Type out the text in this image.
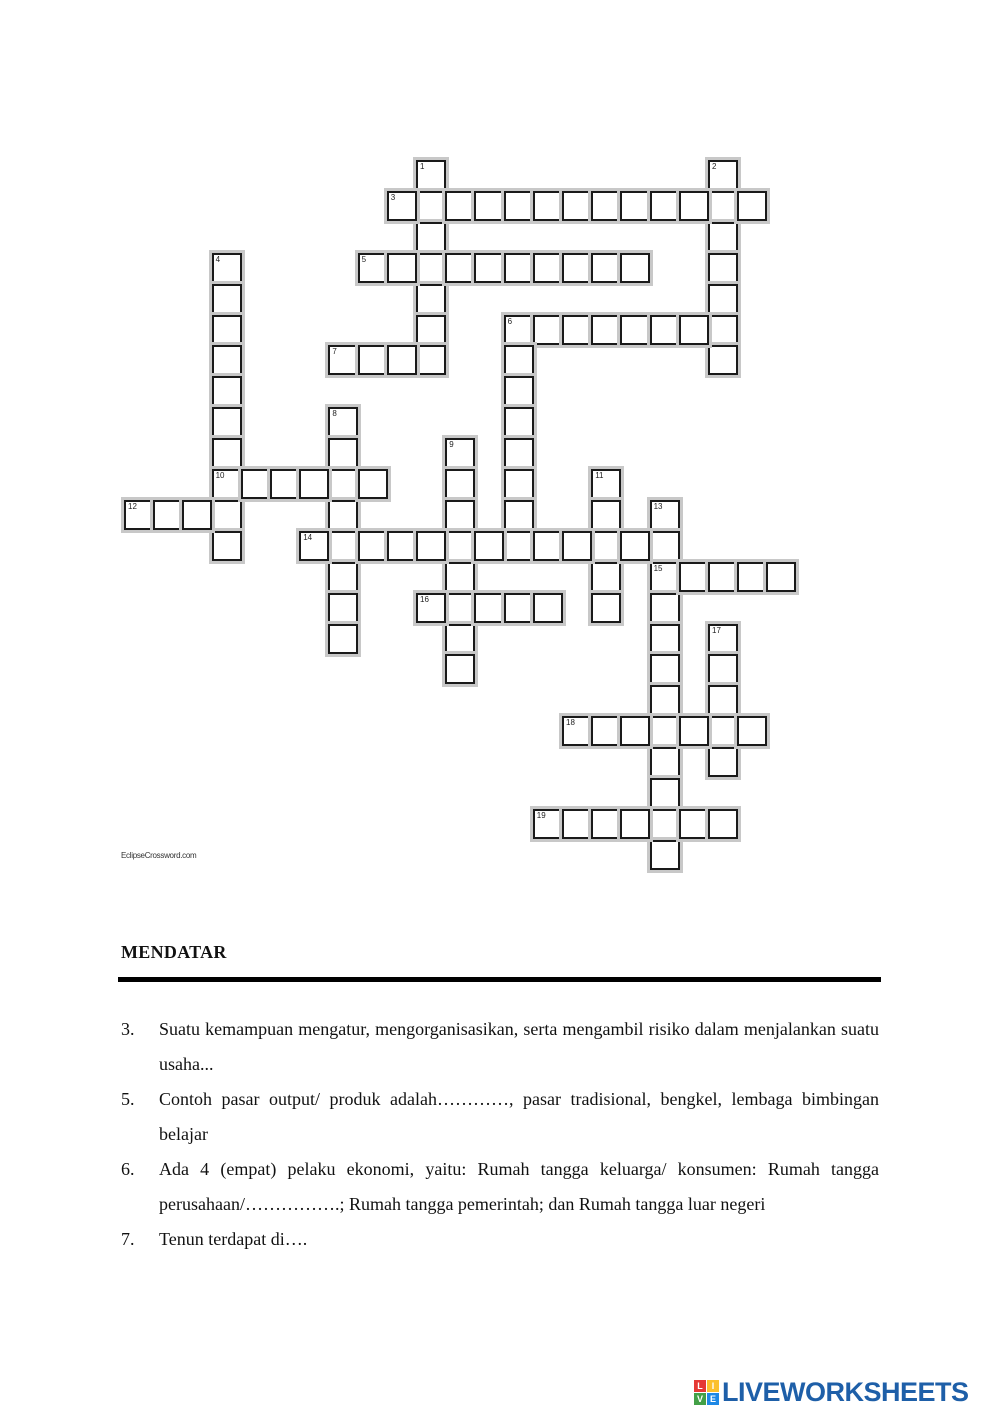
1	2
3
4
10
5
6
7
8
9
11
12	13
15
14
16
17
18
19
EclipseCrossword.com
MENDATAR
3. Suatu kemampuan mengatur, mengorganisasikan, serta mengambil risiko dalam menjalankan suatu usaha...
5. Contoh pasar output/ produk adalah…………, pasar tradisional, bengkel, lembaga bimbingan belajar
6. Ada 4 (empat) pelaku ekonomi, yaitu: Rumah tangga keluarga/ konsumen: Rumah tangga perusahaan/…………….; Rumah tangga pemerintah; dan Rumah tangga luar negeri
7. Tenun terdapat di….
L I
V E LIVEWORKSHEETS
